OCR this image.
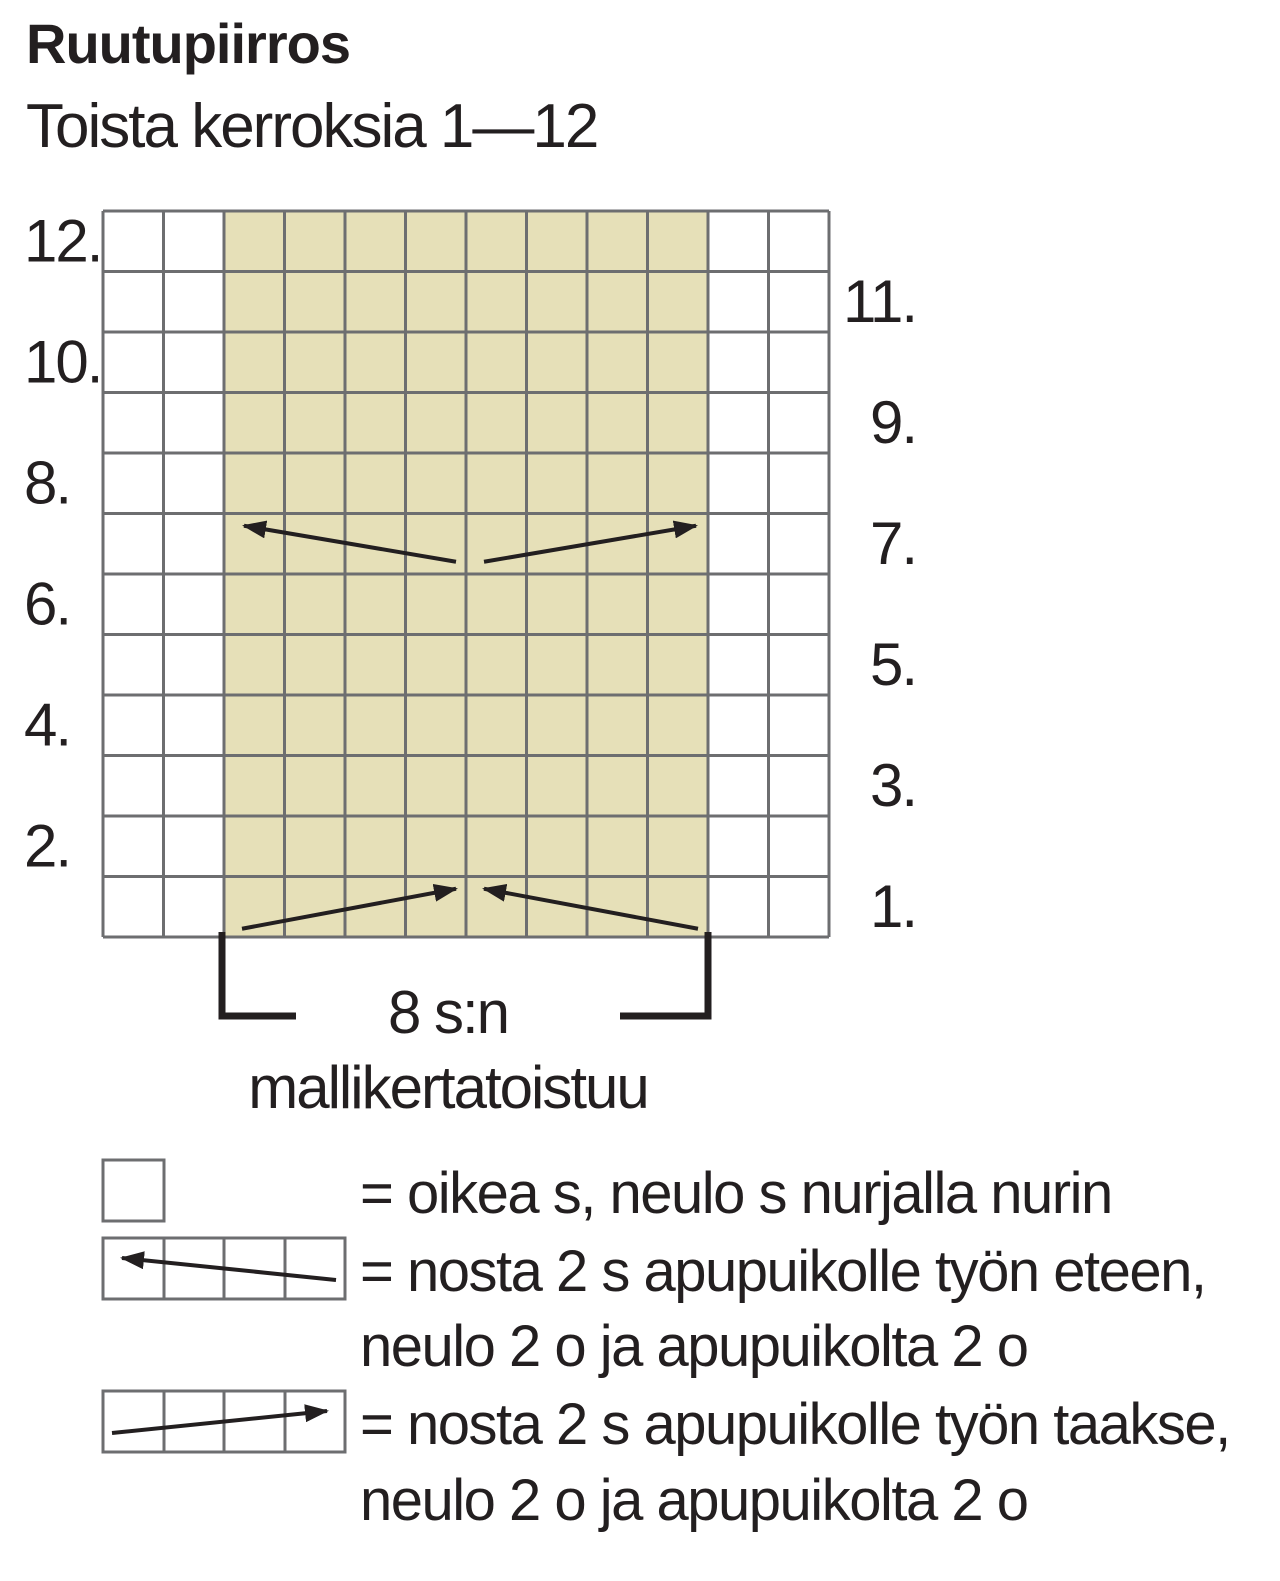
Ruutupiirros
Toista kerroksia 1—12
12.
10.
8.
6.
4.
2.
11.
9.
7.
5.
3.
1.
8 s:n
mallikertatoistuu
= oikea s, neulo s nurjalla nurin
= nosta 2 s apupuikolle työn eteen,
neulo 2 o ja apupuikolta 2 o
= nosta 2 s apupuikolle työn taakse,
neulo 2 o ja apupuikolta 2 o
